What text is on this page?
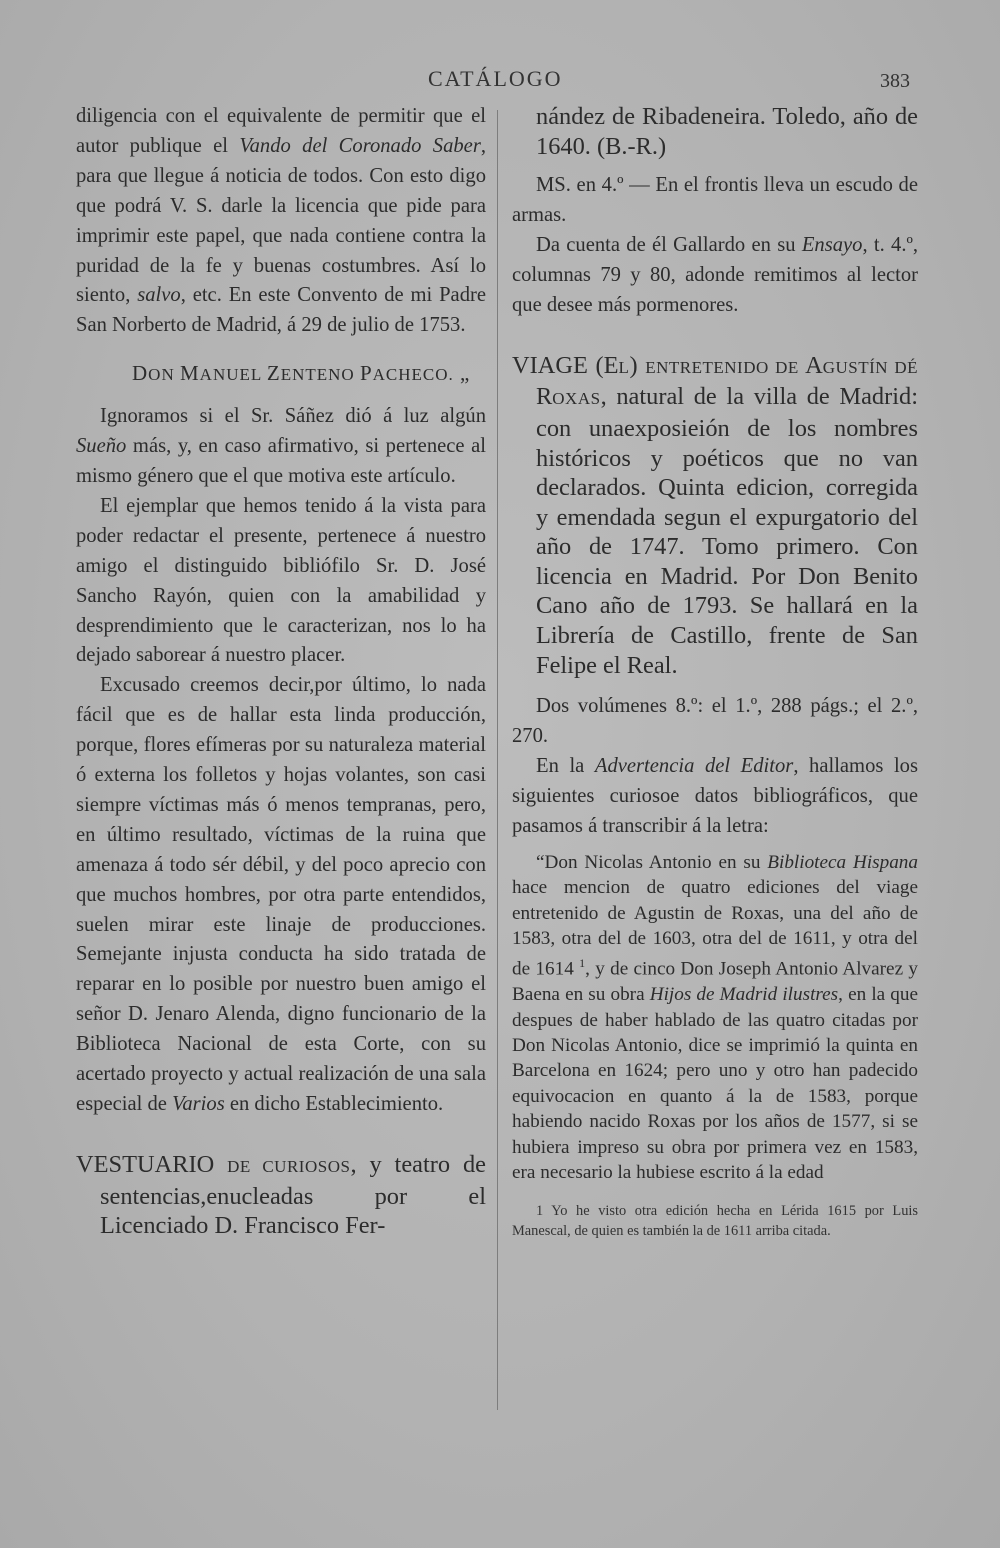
CATÁLOGO	383

diligencia con el equivalente de permitir que el autor publique el Vando del Coronado Saber, para que llegue á noticia de todos. Con esto digo que podrá V. S. darle la licencia que pide para imprimir este papel, que nada contiene contra la puridad de la fe y buenas costumbres. Así lo siento, salvo, etc. En este Convento de mi Padre San Norberto de Madrid, á 29 de julio de 1753.

DON MANUEL ZENTENO PACHECO. „

Ignoramos si el Sr. Sáñez dió á luz algún Sueño más, y, en caso afirmativo, si pertenece al mismo género que el que motiva este artículo.

El ejemplar que hemos tenido á la vista para poder redactar el presente, pertenece á nuestro amigo el distinguido bibliófilo Sr. D. José Sancho Rayón, quien con la amabilidad y desprendimiento que le caracterizan, nos lo ha dejado saborear á nuestro placer.

Excusado creemos decir,por último, lo nada fácil que es de hallar esta linda producción, porque, flores efímeras por su naturaleza material ó externa los folletos y hojas volantes, son casi siempre víctimas más ó menos tempranas, pero, en último resultado, víctimas de la ruina que amenaza á todo sér débil, y del poco aprecio con que muchos hombres, por otra parte entendidos, suelen mirar este linaje de producciones. Semejante injusta conducta ha sido tratada de reparar en lo posible por nuestro buen amigo el señor D. Jenaro Alenda, digno funcionario de la Biblioteca Nacional de esta Corte, con su acertado proyecto y actual realización de una sala especial de Varios en dicho Establecimiento.

VESTUARIO DE CURIOSOS, y teatro de sentencias,enucleadas por el Licenciado D. Francisco Fer-

nández de Ribadeneira. Toledo, año de 1640. (B.-R.)

MS. en 4.º — En el frontis lleva un escudo de armas.

Da cuenta de él Gallardo en su Ensayo, t. 4.º, columnas 79 y 80, adonde remitimos al lector que desee más pormenores.

VIAGE (EL) ENTRETENIDO DE AGUSTÍN DÉ ROXAS, natural de la villa de Madrid: con unaexposieión de los nombres históricos y poéticos que no van declarados. Quinta edicion, corregida y emendada segun el expurgatorio del año de 1747. Tomo primero. Con licencia en Madrid. Por Don Benito Cano año de 1793. Se hallará en la Librería de Castillo, frente de San Felipe el Real.

Dos volúmenes 8.º: el 1.º, 288 págs.; el 2.º, 270.

En la Advertencia del Editor, hallamos los siguientes curiosoe datos bibliográficos, que pasamos á transcribir á la letra:

“Don Nicolas Antonio en su Biblioteca Hispana hace mencion de quatro ediciones del viage entretenido de Agustin de Roxas, una del año de 1583, otra del de 1603, otra del de 1611, y otra del de 1614 $^1$, y de cinco Don Joseph Antonio Alvarez y Baena en su obra Hijos de Madrid ilustres, en la que despues de haber hablado de las quatro citadas por Don Nicolas Antonio, dice se imprimió la quinta en Barcelona en 1624; pero uno y otro han padecido equivocacion en quanto á la de 1583, porque habiendo nacido Roxas por los años de 1577, si se hubiera impreso su obra por primera vez en 1583, era necesario la hubiese escrito á la edad

1 Yo he visto otra edición hecha en Lérida 1615 por Luis Manescal, de quien es también la de 1611 arriba citada.
